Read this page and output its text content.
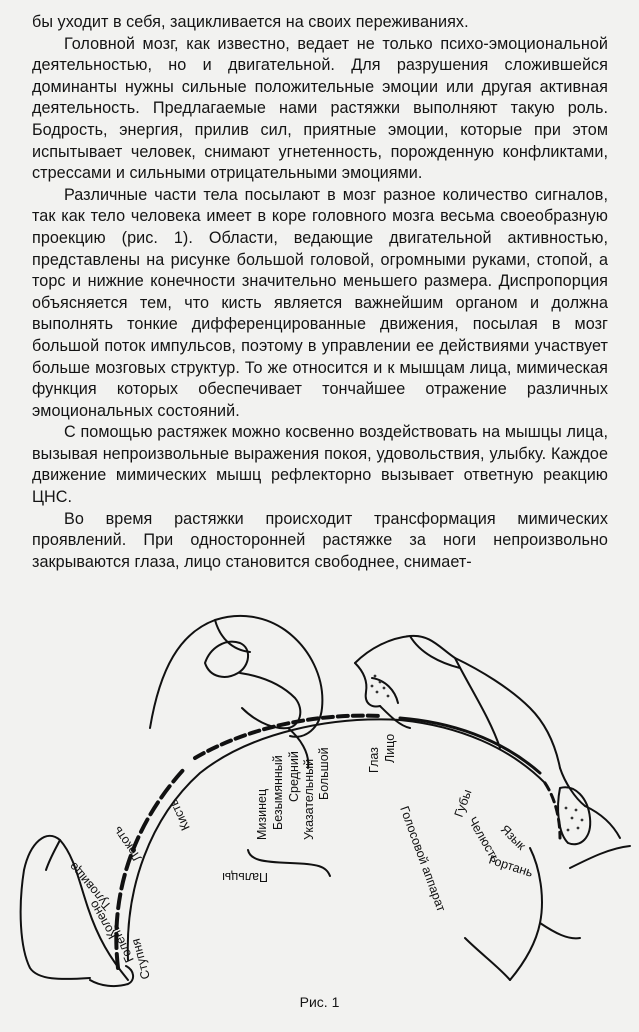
бы уходит в себя, зацикливается на своих переживаниях.

Головной мозг, как известно, ведает не только психо-эмоциональной деятельностью, но и двигательной. Для разрушения сложившейся доминанты нужны сильные положительные эмоции или другая активная деятельность. Предлагаемые нами растяжки выполняют такую роль. Бодрость, энергия, прилив сил, приятные эмоции, которые при этом испытывает человек, снимают угнетенность, порожденную конфликтами, стрессами и сильными отрицательными эмоциями.

Различные части тела посылают в мозг разное количество сигналов, так как тело человека имеет в коре головного мозга весьма своеобразную проекцию (рис. 1). Области, ведающие двигательной активностью, представлены на рисунке большой головой, огромными руками, стопой, а торс и нижние конечности значительно меньшего размера. Диспропорция объясняется тем, что кисть является важнейшим органом и должна выполнять тонкие дифференцированные движения, посылая в мозг большой поток импульсов, поэтому в управлении ее действиями участвует больше мозговых структур. То же относится и к мышцам лица, мимическая функция которых обеспечивает тончайшее отражение различных эмоциональных состояний.

С помощью растяжек можно косвенно воздействовать на мышцы лица, вызывая непроизвольные выражения покоя, удовольствия, улыбку. Каждое движение мимических мышц рефлекторно вызывает ответную реакцию ЦНС.

Во время растяжки происходит трансформация мимических проявлений. При односторонней растяжке за ноги непроизвольно закрываются глаза, лицо становится свободнее, снимает-

Ступня
Голень
Колено
Туловище
Локоть
Кисть	Мизинец Безымянный Средний Указательный Большой
Пальцы
Глаз Лицо
Губы
Челюсть
Язык
Гортань
Голосовой аппарат
Рис. 1
